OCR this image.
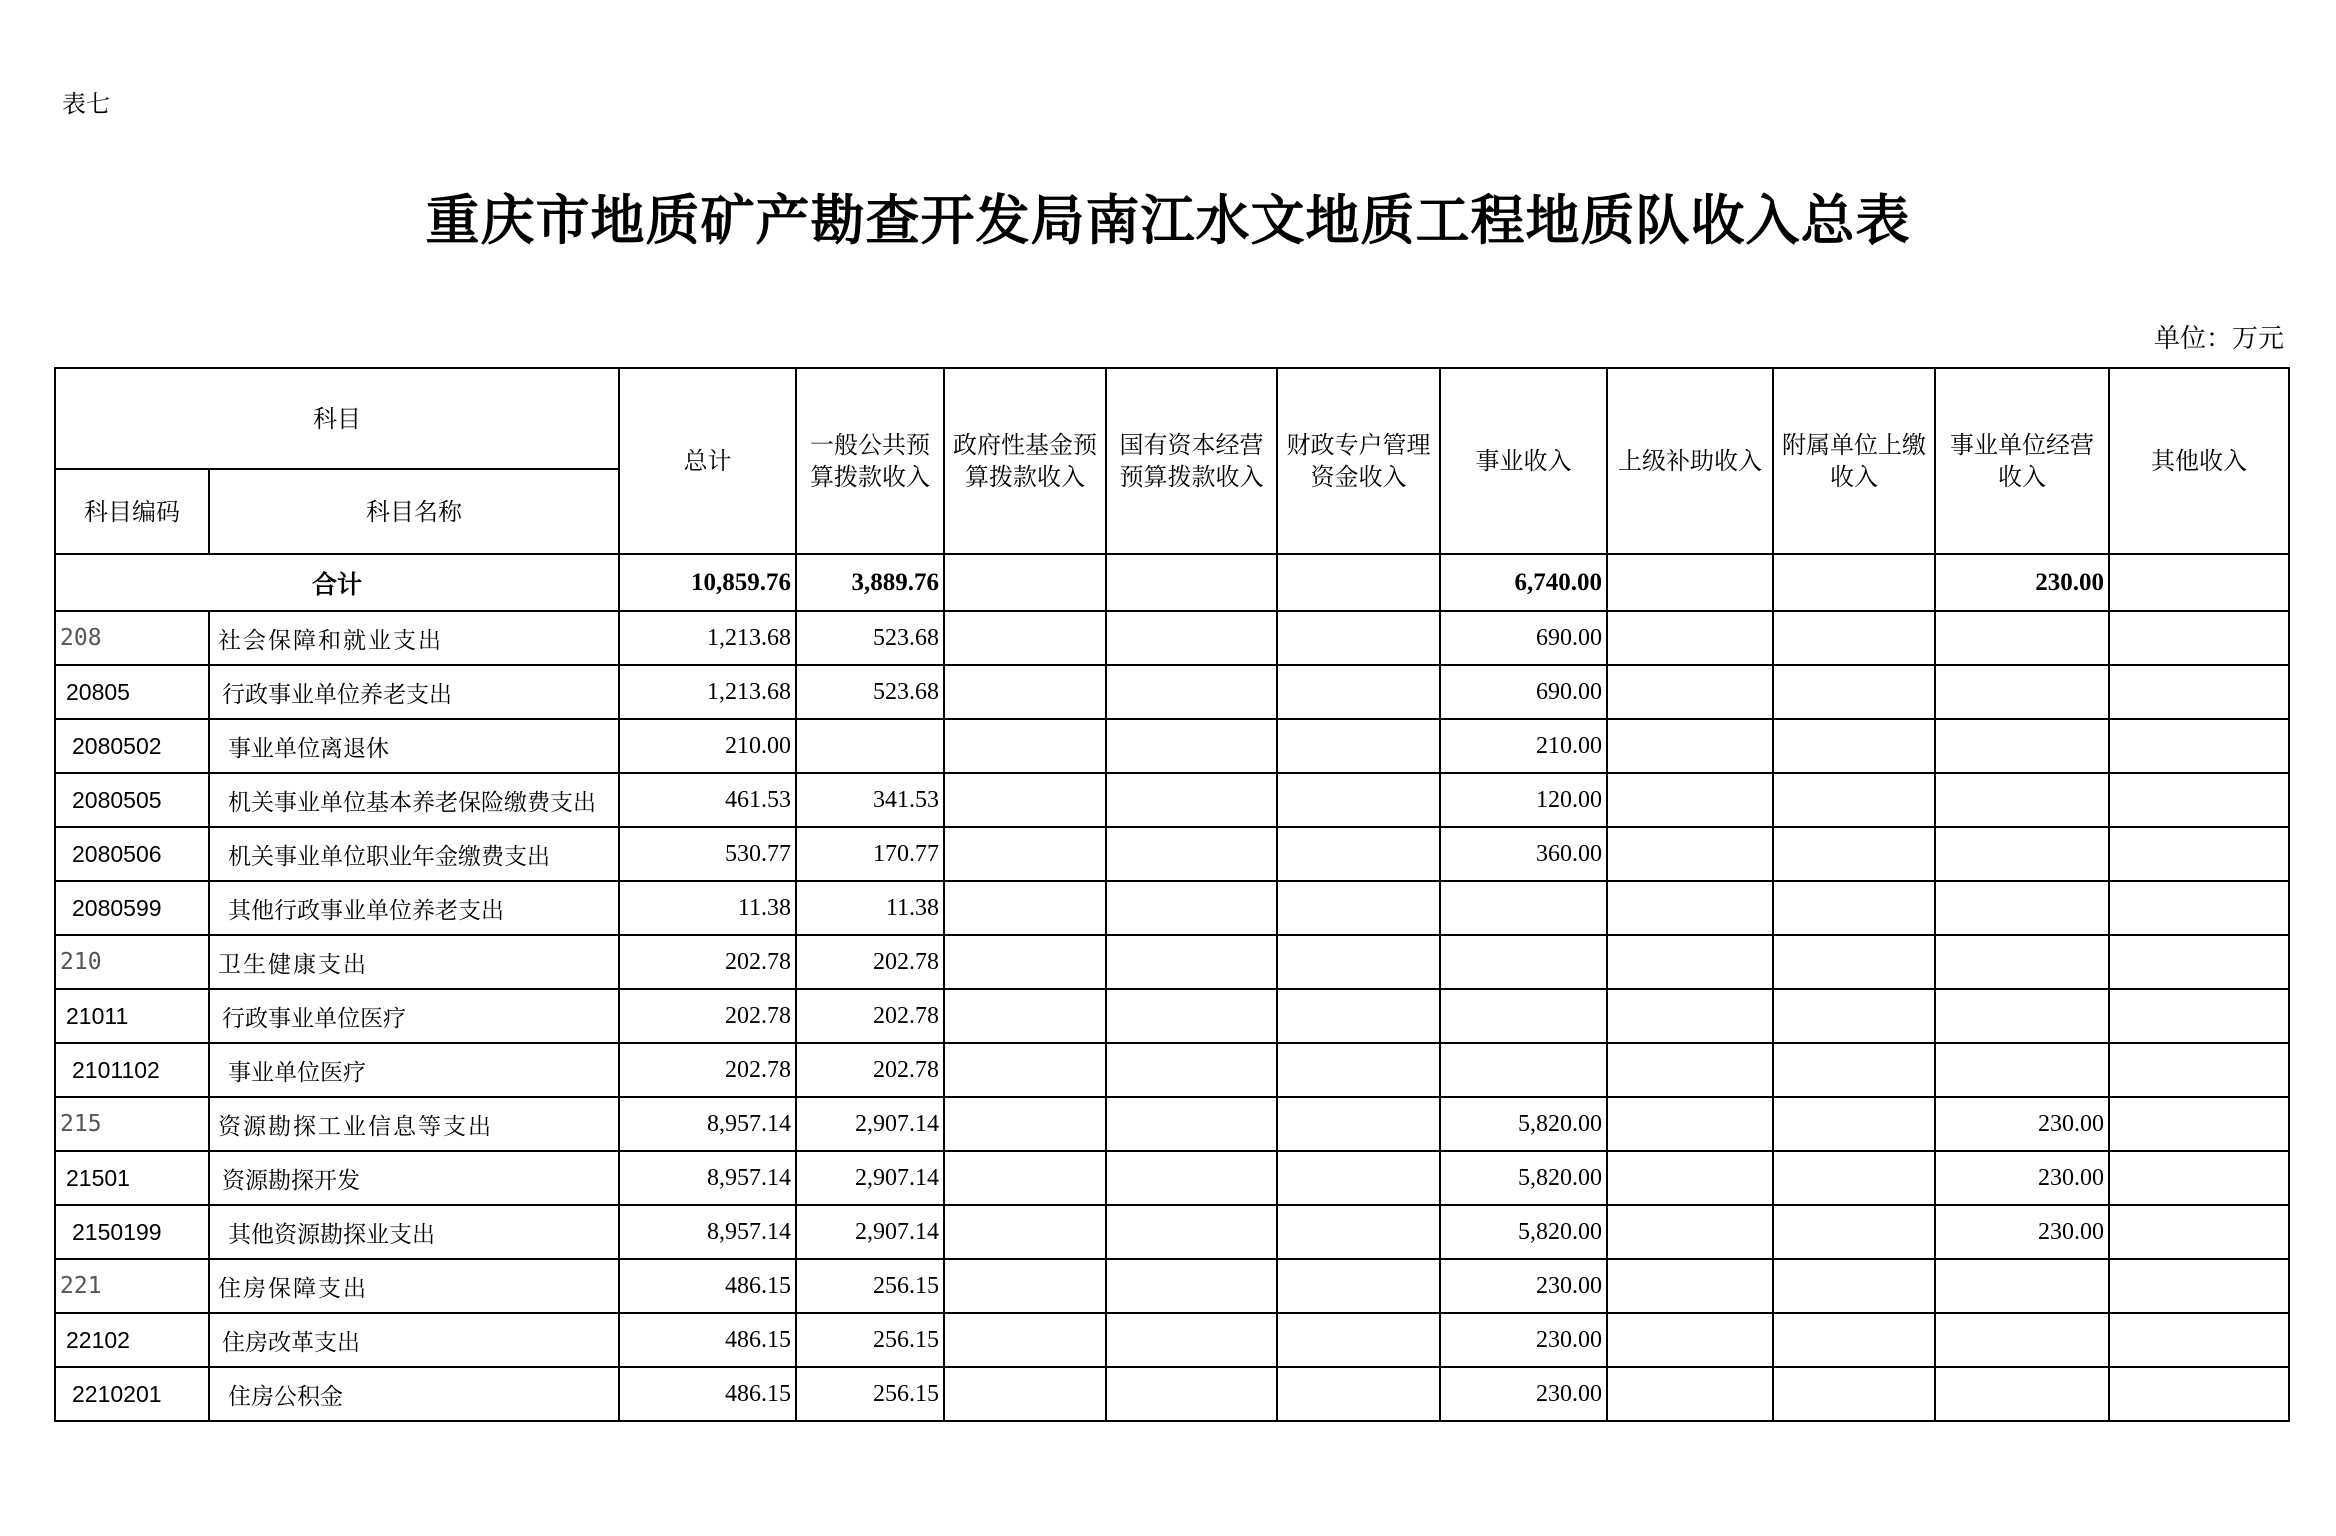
表七
重庆市地质矿产勘查开发局南江水文地质工程地质队收入总表
单位：万元
科目		总计	一般公共预算拨款收入	政府性基金预算拨款收入	国有资本经营预算拨款收入	财政专户管理资金收入	事业收入	上级补助收入	附属单位上缴收入	事业单位经营收入	其他收入
科目编码	科目名称										
合计		10,859.76	3,889.76				6,740.00			230.00	
208	社会保障和就业支出	1,213.68	523.68				690.00				
20805	行政事业单位养老支出	1,213.68	523.68				690.00				
2080502	事业单位离退休	210.00					210.00				
2080505	机关事业单位基本养老保险缴费支出	461.53	341.53				120.00				
2080506	机关事业单位职业年金缴费支出	530.77	170.77				360.00				
2080599	其他行政事业单位养老支出	11.38	11.38								
210	卫生健康支出	202.78	202.78								
21011	行政事业单位医疗	202.78	202.78								
2101102	事业单位医疗	202.78	202.78								
215	资源勘探工业信息等支出	8,957.14	2,907.14				5,820.00			230.00	
21501	资源勘探开发	8,957.14	2,907.14				5,820.00			230.00	
2150199	其他资源勘探业支出	8,957.14	2,907.14				5,820.00			230.00	
221	住房保障支出	486.15	256.15				230.00				
22102	住房改革支出	486.15	256.15				230.00				
2210201	住房公积金	486.15	256.15				230.00				
